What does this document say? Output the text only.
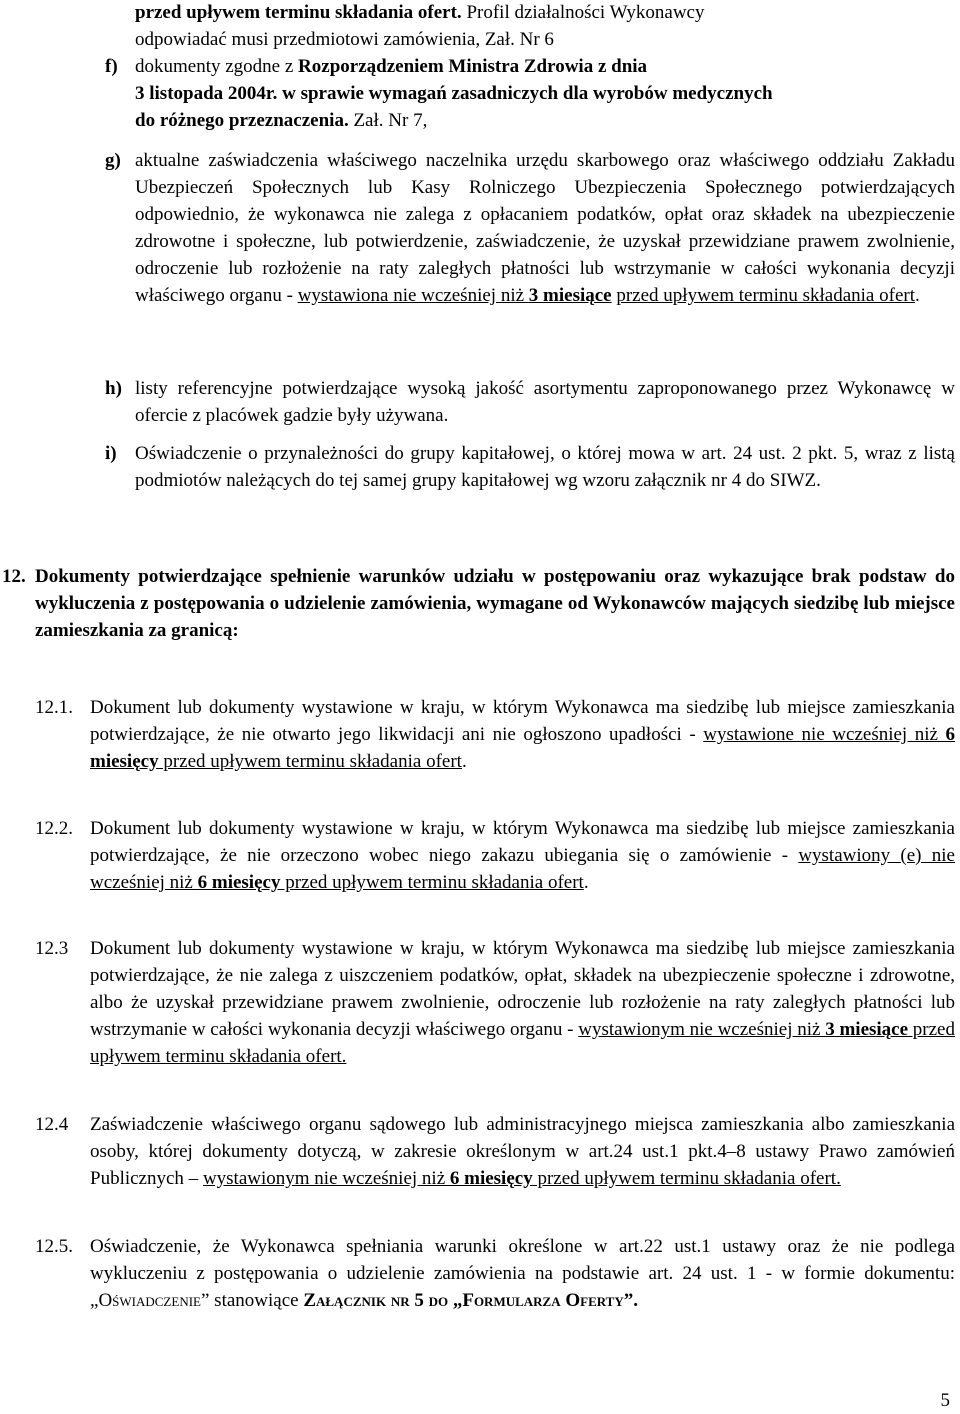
przed upływem terminu składania ofert. Profil działalności Wykonawcy
odpowiadać musi przedmiotowi zamówienia, Zał. Nr 6
f) dokumenty zgodne z Rozporządzeniem Ministra Zdrowia z dnia
3 listopada 2004r. w sprawie wymagań zasadniczych dla wyrobów medycznych
do różnego przeznaczenia. Zał. Nr 7,
g) aktualne zaświadczenia właściwego naczelnika urzędu skarbowego oraz właściwego oddziału Zakładu Ubezpieczeń Społecznych lub Kasy Rolniczego Ubezpieczenia Społecznego potwierdzających odpowiednio, że wykonawca nie zalega z opłacaniem podatków, opłat oraz składek na ubezpieczenie zdrowotne i społeczne, lub potwierdzenie, zaświadczenie, że uzyskał przewidziane prawem zwolnienie, odroczenie lub rozłożenie na raty zaległych płatności lub wstrzymanie w całości wykonania decyzji właściwego organu - wystawiona nie wcześniej niż 3 miesiące przed upływem terminu składania ofert.
h) listy referencyjne potwierdzające wysoką jakość asortymentu zaproponowanego przez Wykonawcę w ofercie z placówek gadzie były używana.
i) Oświadczenie o przynależności do grupy kapitałowej, o której mowa w art. 24 ust. 2 pkt. 5, wraz z listą podmiotów należących do tej samej grupy kapitałowej wg wzoru załącznik nr 4 do SIWZ.
12. Dokumenty potwierdzające spełnienie warunków udziału w postępowaniu oraz wykazujące brak podstaw do wykluczenia z postępowania o udzielenie zamówienia, wymagane od Wykonawców mających siedzibę lub miejsce zamieszkania za granicą:
12.1. Dokument lub dokumenty wystawione w kraju, w którym Wykonawca ma siedzibę lub miejsce zamieszkania potwierdzające, że nie otwarto jego likwidacji ani nie ogłoszono upadłości - wystawione nie wcześniej niż 6 miesięcy przed upływem terminu składania ofert.
12.2. Dokument lub dokumenty wystawione w kraju, w którym Wykonawca ma siedzibę lub miejsce zamieszkania potwierdzające, że nie orzeczono wobec niego zakazu ubiegania się o zamówienie - wystawiony (e) nie wcześniej niż 6 miesięcy przed upływem terminu składania ofert.
12.3 Dokument lub dokumenty wystawione w kraju, w którym Wykonawca ma siedzibę lub miejsce zamieszkania potwierdzające, że nie zalega z uiszczeniem podatków, opłat, składek na ubezpieczenie społeczne i zdrowotne, albo że uzyskał przewidziane prawem zwolnienie, odroczenie lub rozłożenie na raty zaległych płatności lub wstrzymanie w całości wykonania decyzji właściwego organu - wystawionym nie wcześniej niż 3 miesiące przed upływem terminu składania ofert.
12.4 Zaświadczenie właściwego organu sądowego lub administracyjnego miejsca zamieszkania albo zamieszkania osoby, której dokumenty dotyczą, w zakresie określonym w art.24 ust.1 pkt.4–8 ustawy Prawo zamówień Publicznych – wystawionym nie wcześniej niż 6 miesięcy przed upływem terminu składania ofert.
12.5. Oświadczenie, że Wykonawca spełniania warunki określone w art.22 ust.1 ustawy oraz że nie podlega wykluczeniu z postępowania o udzielenie zamówienia na podstawie art. 24 ust. 1 - w formie dokumentu: „Oświadczenie” stanowiące Załącznik nr 5 do „Formularza Oferty”.
5
